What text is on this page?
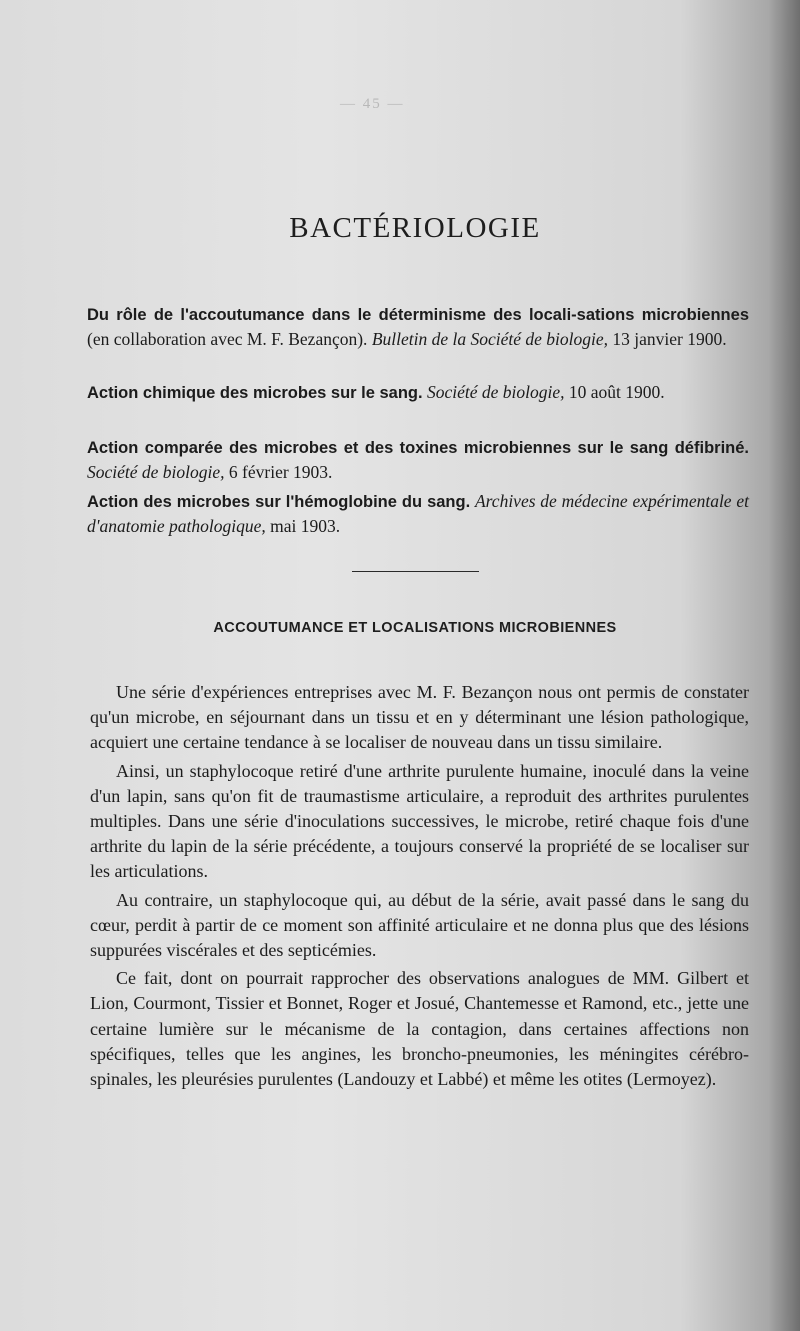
— 45 —
BACTÉRIOLOGIE

Du rôle de l'accoutumance dans le déterminisme des locali-sations microbiennes (en collaboration avec M. F. Bezançon). Bulletin de la Société de biologie, 13 janvier 1900.

Action chimique des microbes sur le sang. Société de biologie, 10 août 1900.

Action comparée des microbes et des toxines microbiennes sur le sang défibriné. Société de biologie, 6 février 1903.

Action des microbes sur l'hémoglobine du sang. Archives de médecine expérimentale et d'anatomie pathologique, mai 1903.

ACCOUTUMANCE ET LOCALISATIONS MICROBIENNES

Une série d'expériences entreprises avec M. F. Bezançon nous ont permis de constater qu'un microbe, en séjournant dans un tissu et en y déterminant une lésion pathologique, acquiert une certaine tendance à se localiser de nouveau dans un tissu similaire.

Ainsi, un staphylocoque retiré d'une arthrite purulente humaine, inoculé dans la veine d'un lapin, sans qu'on fit de traumastisme articulaire, a reproduit des arthrites purulentes multiples. Dans une série d'inoculations successives, le microbe, retiré chaque fois d'une arthrite du lapin de la série précédente, a toujours conservé la propriété de se localiser sur les articulations.

Au contraire, un staphylocoque qui, au début de la série, avait passé dans le sang du cœur, perdit à partir de ce moment son affinité articulaire et ne donna plus que des lésions suppurées viscérales et des septicémies.

Ce fait, dont on pourrait rapprocher des observations analogues de MM. Gilbert et Lion, Courmont, Tissier et Bonnet, Roger et Josué, Chantemesse et Ramond, etc., jette une certaine lumière sur le mécanisme de la contagion, dans certaines affections non spécifiques, telles que les angines, les broncho-pneumonies, les méningites cérébro-spinales, les pleurésies purulentes (Landouzy et Labbé) et même les otites (Lermoyez).
